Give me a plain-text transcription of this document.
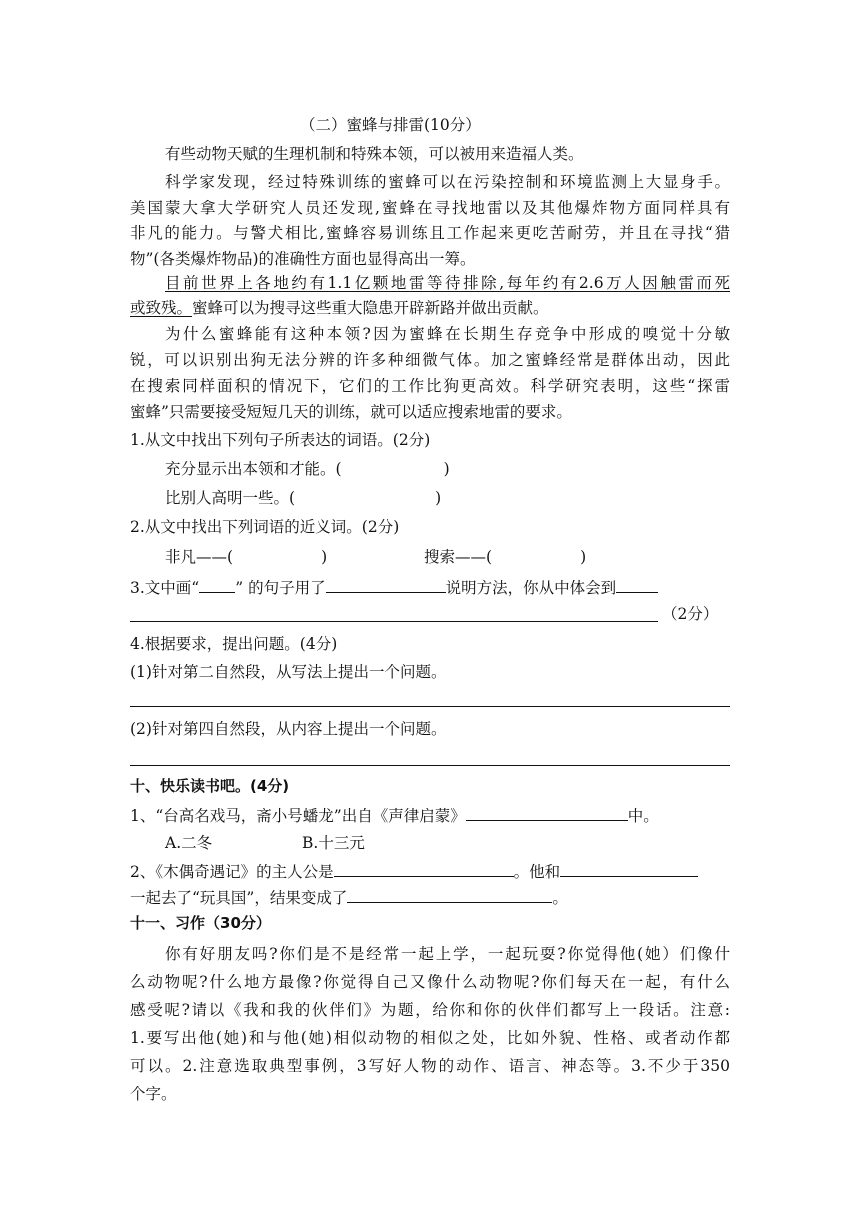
（二）蜜蜂与排雷(10分）
有些动物天赋的生理机制和特殊本领，可以被用来造福人类。
科学家发现，经过特殊训练的蜜蜂可以在污染控制和环境监测上大显身手。
美国蒙大拿大学研究人员还发现,蜜蜂在寻找地雷以及其他爆炸物方面同样具有
非凡的能力。与警犬相比,蜜蜂容易训练且工作起来更吃苦耐劳，并且在寻找“猎
物”(各类爆炸物品)的准确性方面也显得高出一筹。
目前世界上各地约有1.1亿颗地雷等待排除,每年约有2.6万人因触雷而死
或致残。蜜蜂可以为搜寻这些重大隐患开辟新路并做出贡献。
为什么蜜蜂能有这种本领?因为蜜蜂在长期生存竞争中形成的嗅觉十分敏
锐，可以识别出狗无法分辨的许多种细微气体。加之蜜蜂经常是群体出动，因此
在搜索同样面积的情况下，它们的工作比狗更高效。科学研究表明，这些“探雷
蜜蜂”只需要接受短短几天的训练，就可以适应搜索地雷的要求。
1.从文中找出下列句子所表达的词语。(2分)
充分显示出本领和才能。(	)
比别人高明一些。(	)
2.从文中找出下列词语的近义词。(2分)
非凡——(	)	搜索——(	)
3.文中画“ ” 的句子用了	说明方法，你从中体会到
（2分）
4.根据要求，提出问题。(4分)
(1)针对第二自然段，从写法上提出一个问题。
(2)针对第四自然段，从内容上提出一个问题。
十、快乐读书吧。(4分)
1、“台高名戏马，斋小号蟠龙”出自《声律启蒙》	中。
A.二冬	B.十三元
2、《木偶奇遇记》的主人公是	。他和
一起去了“玩具国”，结果变成了	。
十一、习作（30分）
你有好朋友吗?你们是不是经常一起上学，一起玩耍?你觉得他(她）们像什
么动物呢?什么地方最像?你觉得自己又像什么动物呢?你们每天在一起，有什么
感受呢?请以《我和我的伙伴们》为题，给你和你的伙伴们都写上一段话。注意:
1.要写出他(她)和与他(她)相似动物的相似之处，比如外貌、性格、或者动作都
可以。2.注意选取典型事例，3写好人物的动作、语言、神态等。3.不少于350
个字。
